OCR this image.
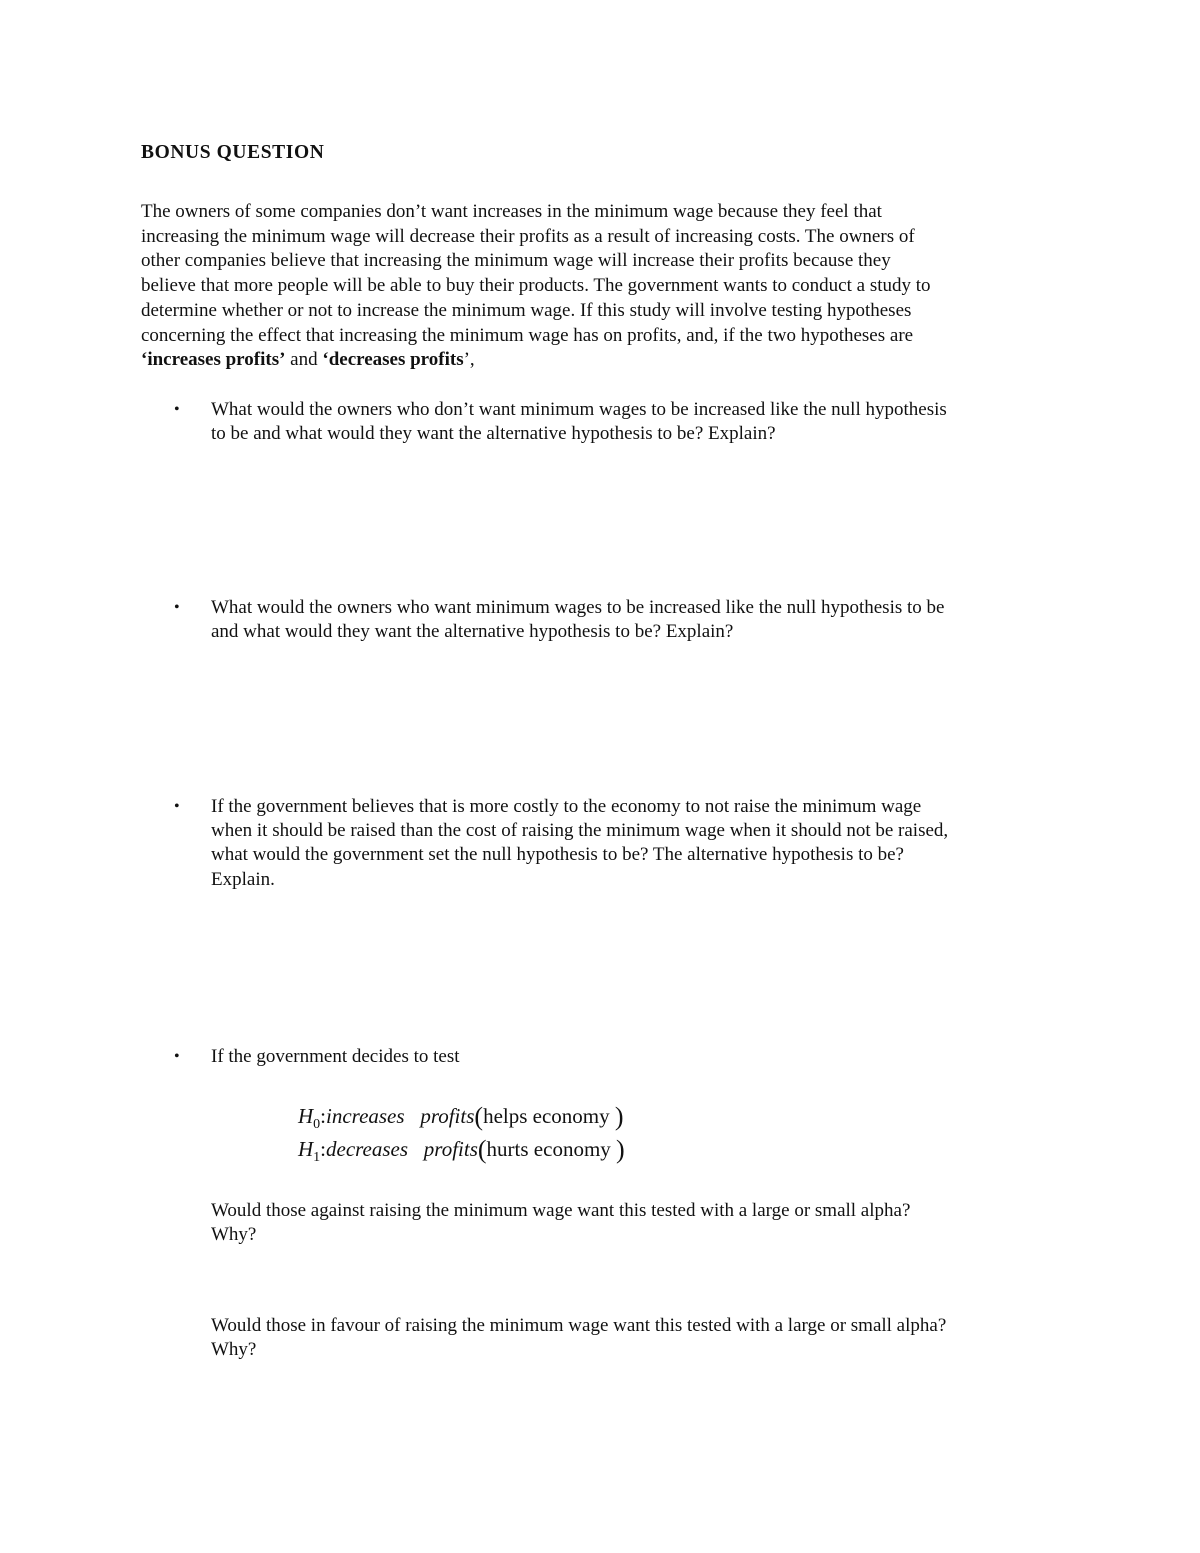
BONUS QUESTION

The owners of some companies don’t want increases in the minimum wage because they feel that
increasing the minimum wage will decrease their profits as a result of increasing costs. The owners of
other companies believe that increasing the minimum wage will increase their profits because they
believe that more people will be able to buy their products. The government wants to conduct a study to
determine whether or not to increase the minimum wage. If this study will involve testing hypotheses
concerning the effect that increasing the minimum wage has on profits, and, if the two hypotheses are
‘increases profits’ and ‘decreases profits’,

• What would the owners who don’t want minimum wages to be increased like the null hypothesis
to be and what would they want the alternative hypothesis to be? Explain?
• What would the owners who want minimum wages to be increased like the null hypothesis to be
and what would they want the alternative hypothesis to be? Explain?
• If the government believes that is more costly to the economy to not raise the minimum wage
when it should be raised than the cost of raising the minimum wage when it should not be raised,
what would the government set the null hypothesis to be? The alternative hypothesis to be?
Explain.
• If the government decides to test
$H_0:increases$ profits(helps economy )
$H_1:decreases$ profits(hurts economy )
Would those against raising the minimum wage want this tested with a large or small alpha?
Why?
Would those in favour of raising the minimum wage want this tested with a large or small alpha?
Why?
